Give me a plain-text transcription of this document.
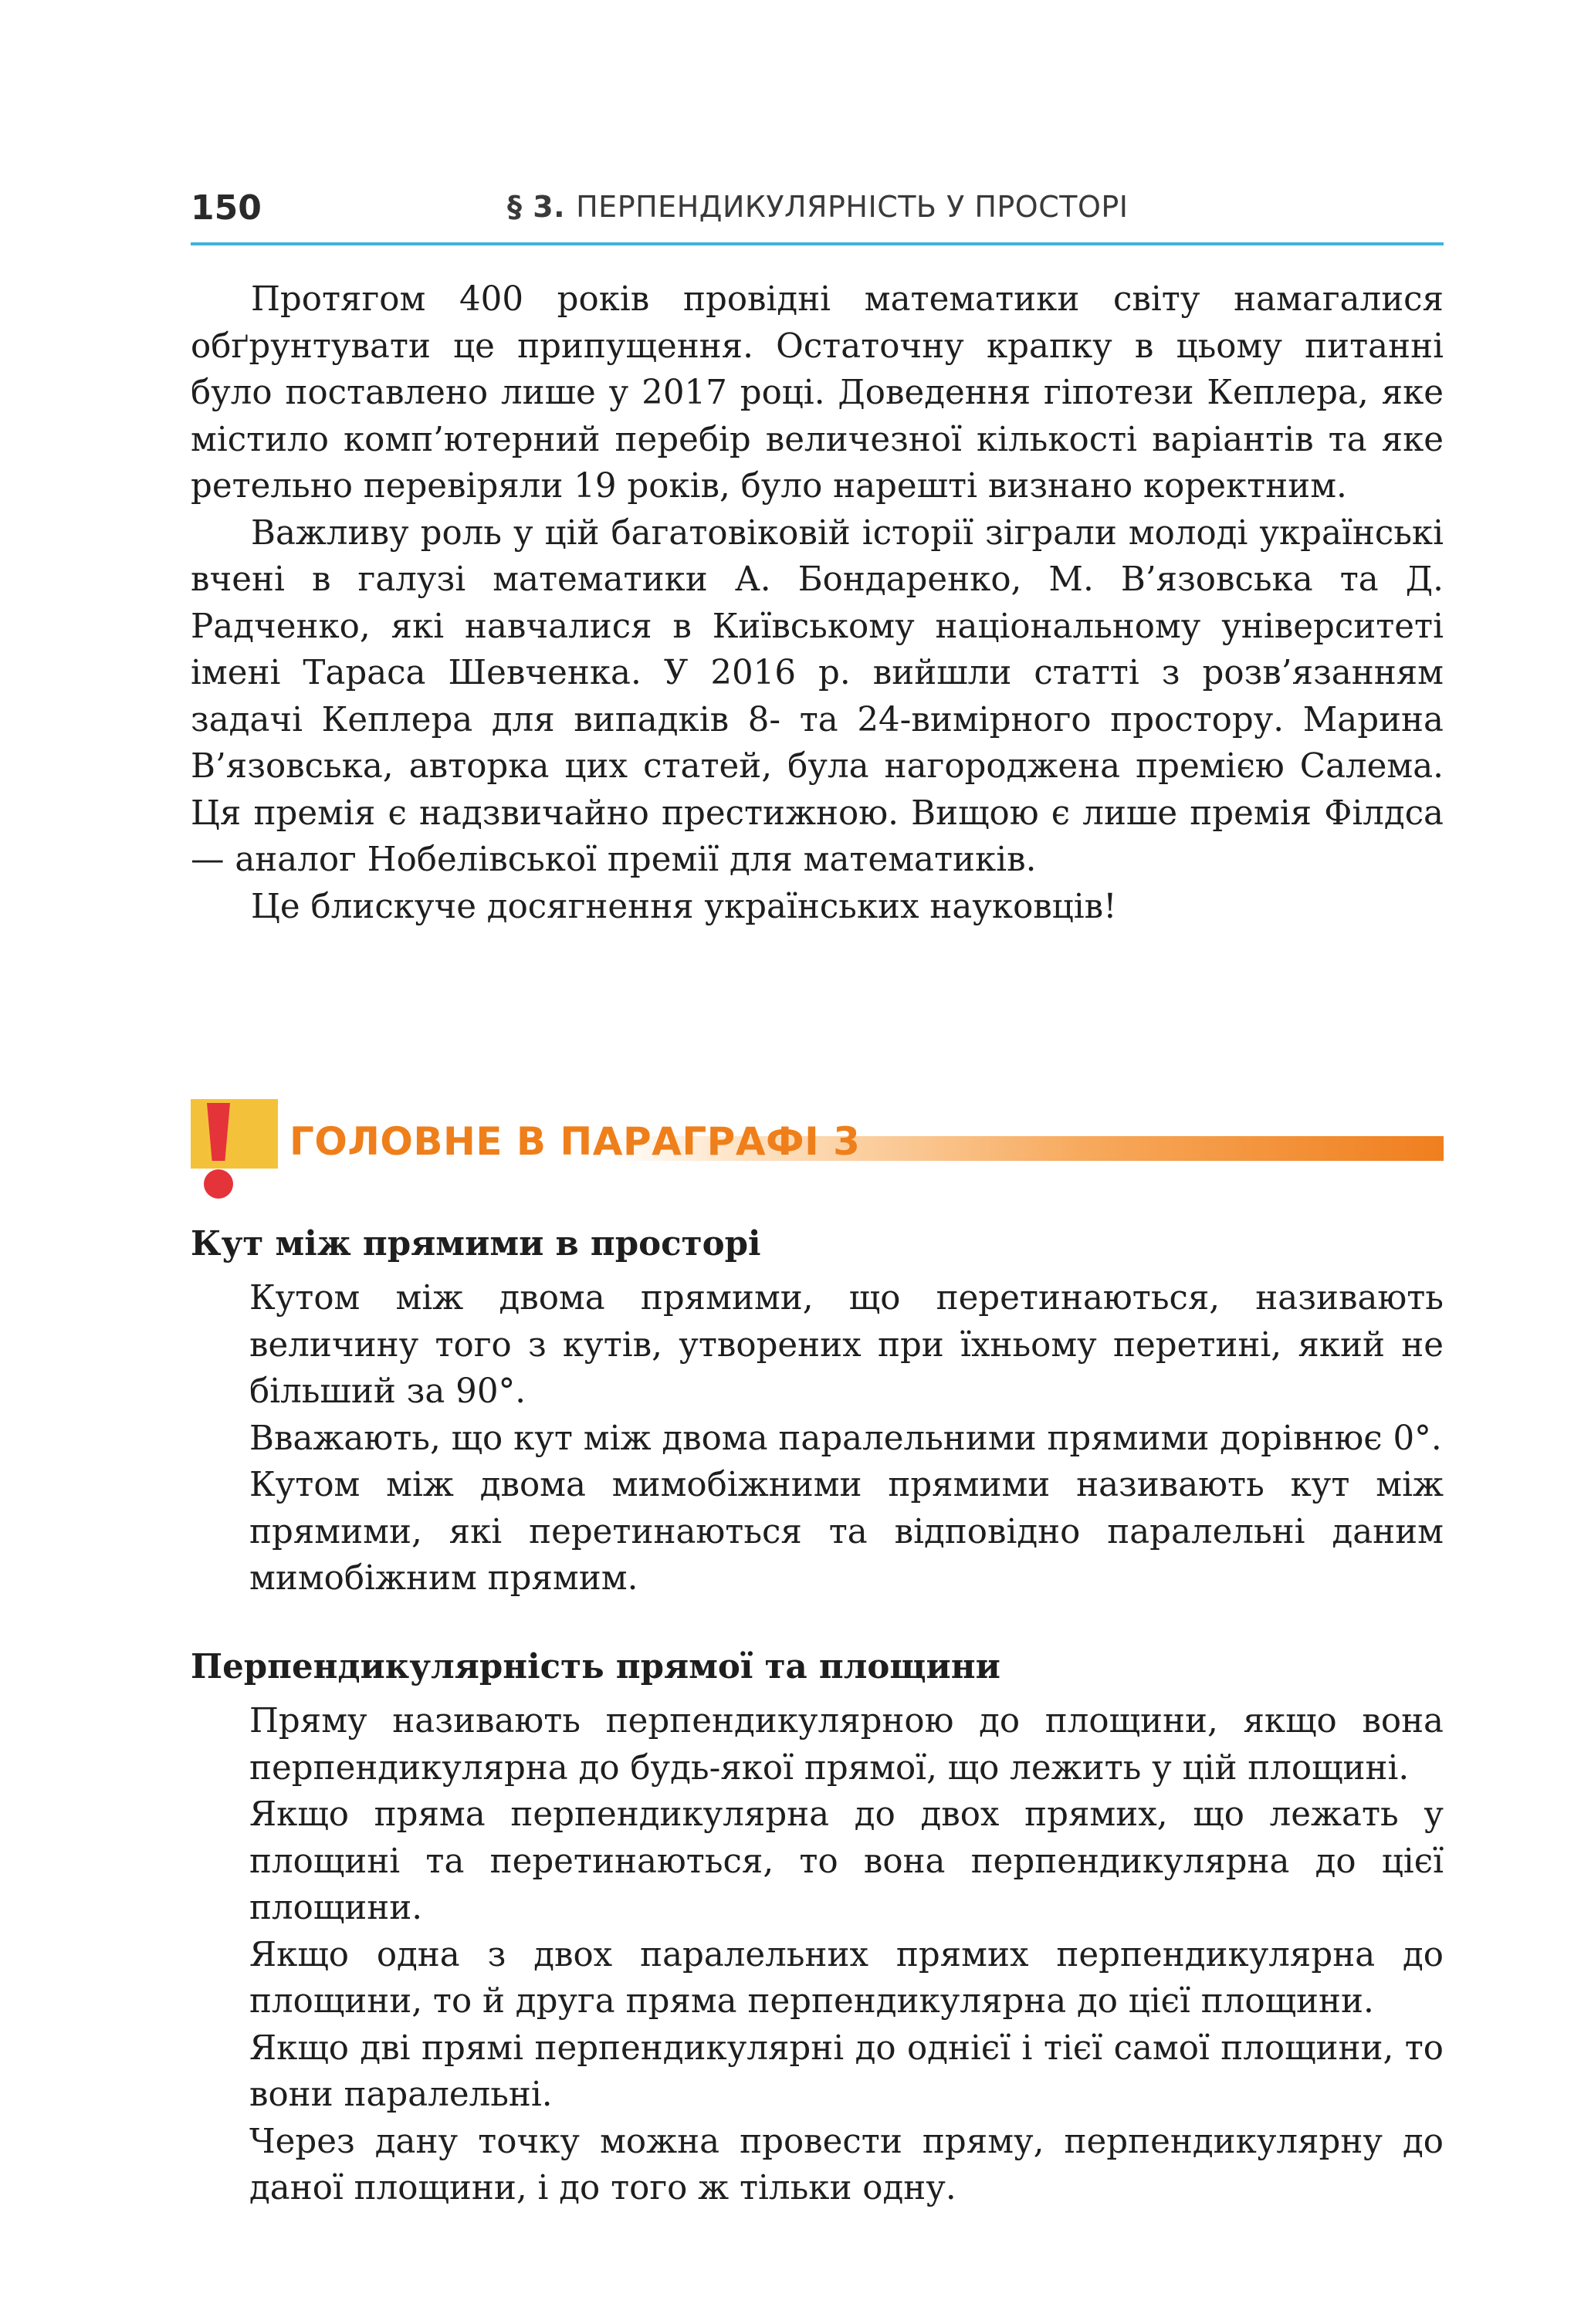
150	§ 3. ПЕРПЕНДИКУЛЯРНІСТЬ У ПРОСТОРІ

Протягом 400 років провідні математики світу намагалися обґрунтувати це припущення. Остаточну крапку в цьому питанні було поставлено лише у 2017 році. Доведення гіпотези Кеплера, яке містило комп’ютерний перебір величезної кількості варіантів та яке ретельно перевіряли 19 років, було нарешті визнано коректним.

Важливу роль у цій багатовіковій історії зіграли молоді українські вчені в галузі математики А. Бондаренко, М. В’язовська та Д. Радченко, які навчалися в Київському національному університеті імені Тараса Шевченка. У 2016 р. вийшли статті з розв’язанням задачі Кеплера для випадків 8- та 24-вимірного простору. Марина В’язовська, авторка цих статей, була нагороджена премією Салема. Ця премія є надзвичайно престижною. Вищою є лише премія Філдса — аналог Нобелівської премії для математиків.

Це блискуче досягнення українських науковців!

ГОЛОВНЕ В ПАРАГРАФІ 3
Кут між прямими в просторі

Кутом між двома прямими, що перетинаються, називають величину того з кутів, утворених при їхньому перетині, який не більший за 90°.

Вважають, що кут між двома паралельними прямими дорівнює 0°.

Кутом між двома мимобіжними прямими називають кут між прямими, які перетинаються та відповідно паралельні даним мимобіжним прямим.

Перпендикулярність прямої та площини

Пряму називають перпендикулярною до площини, якщо вона перпендикулярна до будь-якої прямої, що лежить у цій площині.

Якщо пряма перпендикулярна до двох прямих, що лежать у площині та перетинаються, то вона перпендикулярна до цієї площини.

Якщо одна з двох паралельних прямих перпендикулярна до площини, то й друга пряма перпендикулярна до цієї площини.

Якщо дві прямі перпендикулярні до однієї і тієї самої площини, то вони паралельні.

Через дану точку можна провести пряму, перпендикулярну до даної площини, і до того ж тільки одну.
